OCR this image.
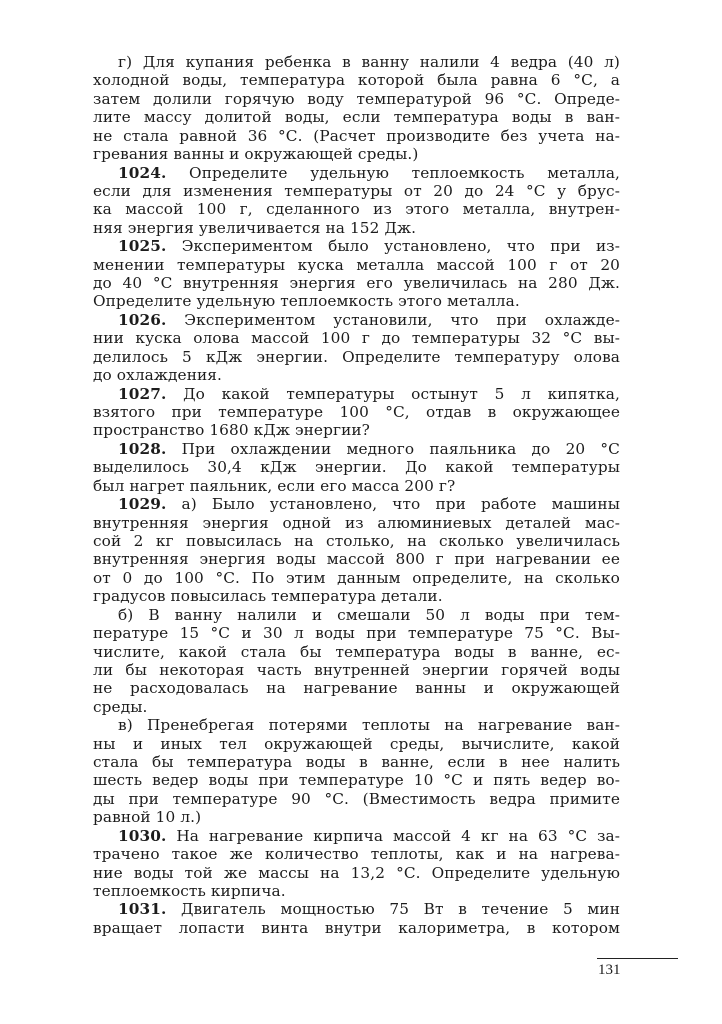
г) Для купания ребенка в ванну налили 4 ведра (40 л)
холодной воды, температура которой была равна 6 °С, а
затем долили горячую воду температурой 96 °С. Опреде-
лите массу долитой воды, если температура воды в ван-
не стала равной 36 °С. (Расчет производите без учета на-
гревания ванны и окружающей среды.)
1024. Определите удельную теплоемкость металла,
если для изменения температуры от 20 до 24 °С у брус-
ка массой 100 г, сделанного из этого металла, внутрен-
няя энергия увеличивается на 152 Дж.
1025. Экспериментом было установлено, что при из-
менении температуры куска металла массой 100 г от 20
до 40 °С внутренняя энергия его увеличилась на 280 Дж.
Определите удельную теплоемкость этого металла.
1026. Экспериментом установили, что при охлажде-
нии куска олова массой 100 г до температуры 32 °С вы-
делилось 5 кДж энергии. Определите температуру олова
до охлаждения.
1027. До какой температуры остынут 5 л кипятка,
взятого при температуре 100 °С, отдав в окружающее
пространство 1680 кДж энергии?
1028. При охлаждении медного паяльника до 20 °С
выделилось 30,4 кДж энергии. До какой температуры
был нагрет паяльник, если его масса 200 г?
1029. а) Было установлено, что при работе машины
внутренняя энергия одной из алюминиевых деталей мас-
сой 2 кг повысилась на столько, на сколько увеличилась
внутренняя энергия воды массой 800 г при нагревании ее
от 0 до 100 °С. По этим данным определите, на сколько
градусов повысилась температура детали.
б) В ванну налили и смешали 50 л воды при тем-
пературе 15 °С и 30 л воды при температуре 75 °С. Вы-
числите, какой стала бы температура воды в ванне, ес-
ли бы некоторая часть внутренней энергии горячей воды
не расходовалась на нагревание ванны и окружающей
среды.
в) Пренебрегая потерями теплоты на нагревание ван-
ны и иных тел окружающей среды, вычислите, какой
стала бы температура воды в ванне, если в нее налить
шесть ведер воды при температуре 10 °С и пять ведер во-
ды при температуре 90 °С. (Вместимость ведра примите
равной 10 л.)
1030. На нагревание кирпича массой 4 кг на 63 °С за-
трачено такое же количество теплоты, как и на нагрева-
ние воды той же массы на 13,2 °С. Определите удельную
теплоемкость кирпича.
1031. Двигатель мощностью 75 Вт в течение 5 мин
вращает лопасти винта внутри калориметра, в котором
131
